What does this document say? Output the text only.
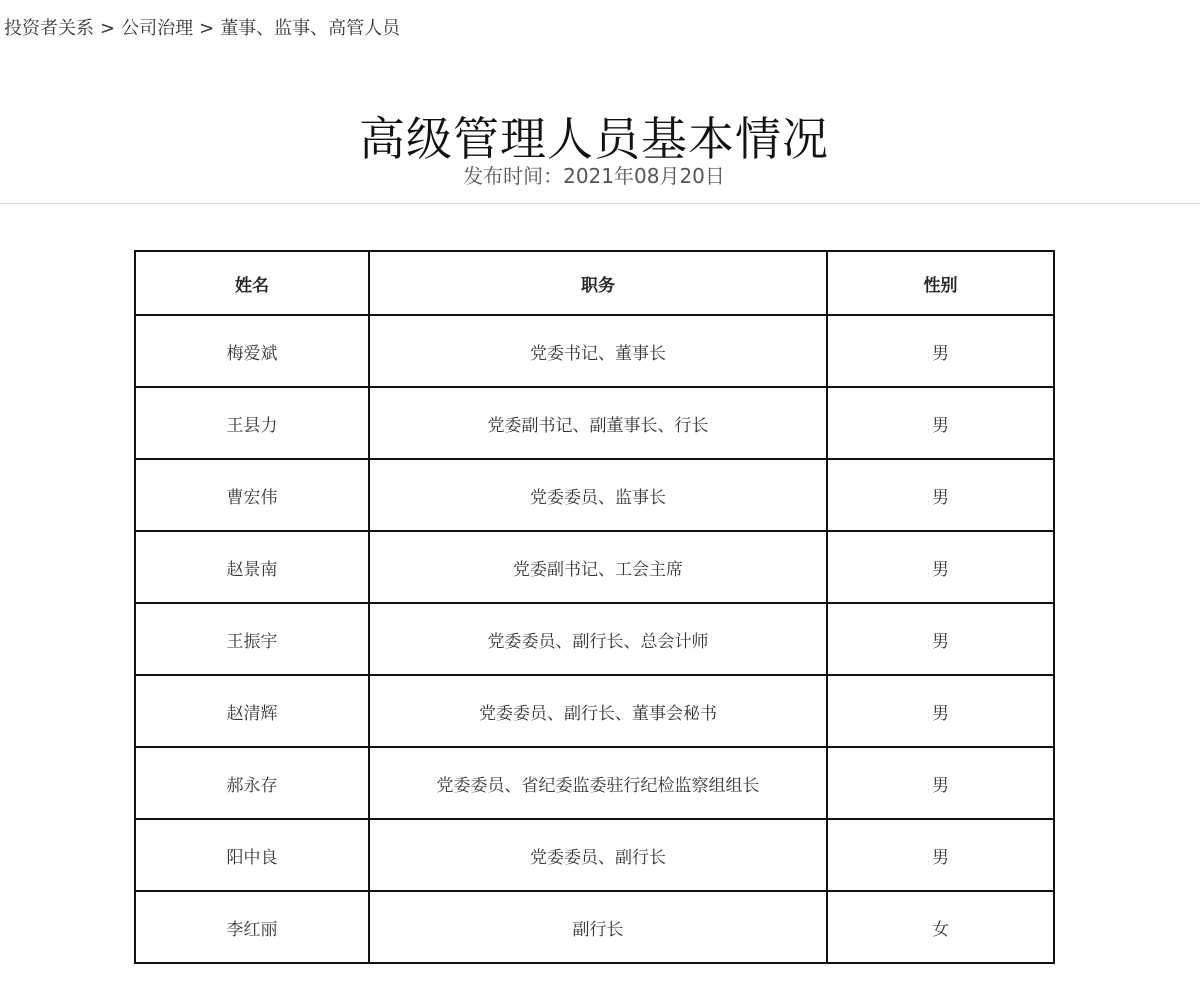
投资者关系 > 公司治理 > 董事、监事、高管人员
高级管理人员基本情况
发布时间：2021年08月20日
姓名	职务	性别
梅爱斌	党委书记、董事长	男
王县力	党委副书记、副董事长、行长	男
曹宏伟	党委委员、监事长	男
赵景南	党委副书记、工会主席	男
王振宇	党委委员、副行长、总会计师	男
赵清辉	党委委员、副行长、董事会秘书	男
郝永存	党委委员、省纪委监委驻行纪检监察组组长	男
阳中良	党委委员、副行长	男
李红丽	副行长	女
